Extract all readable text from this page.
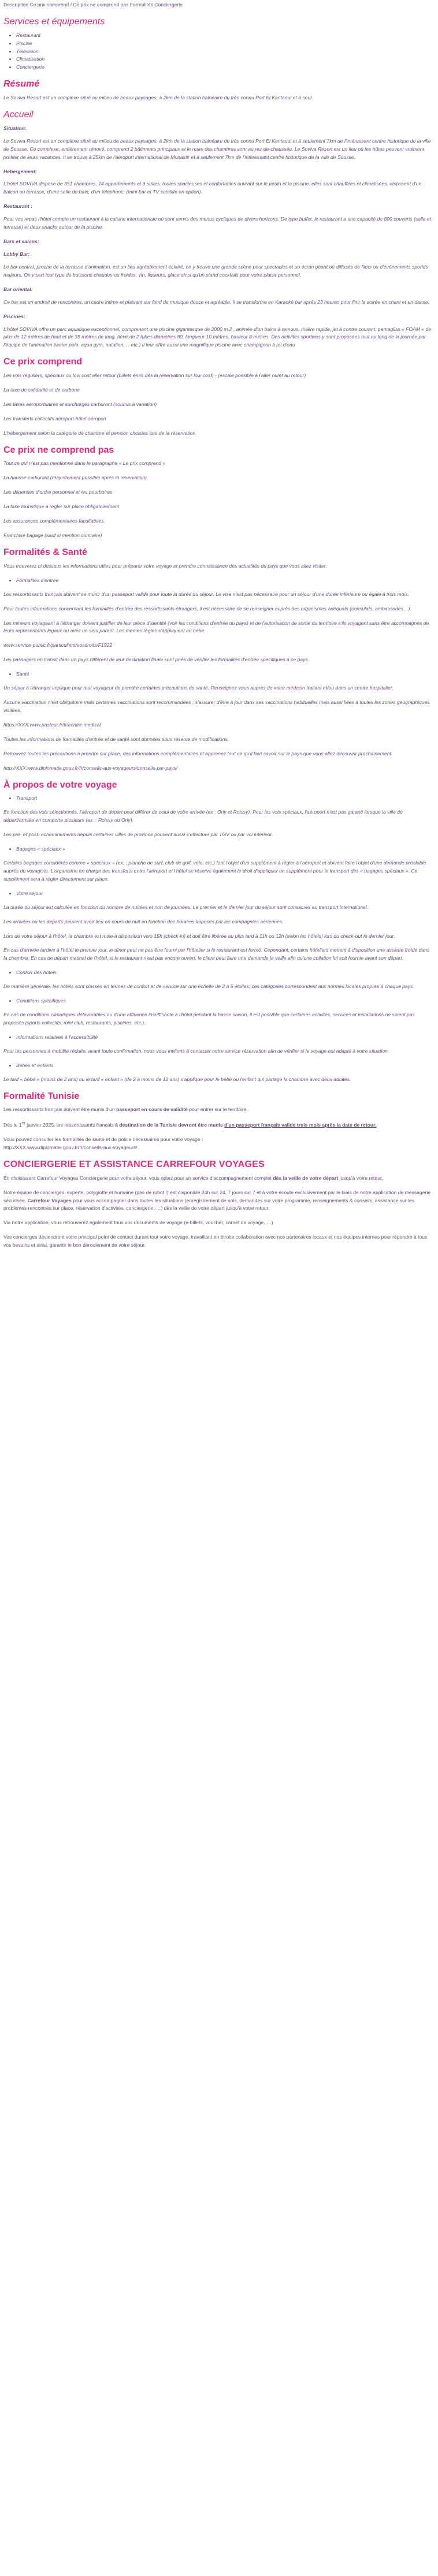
Description Ce prix comprend / Ce prix ne comprend pas Formalités Conciergerie
Services et équipements
• Restaurant
• Piscine
• Télévision
• Climatisation
• Conciergerie
Résumé

Le Soviva Resort est un complexe situé au milieu de beaux paysages, à 2km de la station balnéaire du très connu Port El Kantaoui et à seul

Accueil

Situation:

Le Soviva Resort est un complexe situé au milieu de beaux paysages, à 2km de la station balnéaire du très connu Port El Kantaoui et à seulement 7km de l'intéressant centre historique de la ville de Sousse. Ce complexe, entièrement rénové, comprend 2 bâtiments principaux et le reste des chambres sont au rez-de-chaussée. Le Soviva Resort est un lieu où les hôtes peuvent vraiment profiter de leurs vacances. Il se trouve à 25km de l'aéroport international de Monastir et à seulement 7km de l'intéressant centre historique de la ville de Sousse.

Hébergement:

L'hôtel SOVIVA dispose de 351 chambres, 14 appartements et 3 suites, toutes spacieuses et confortables ouvrant sur le jardin et la piscine, elles sont chauffées et climatisées, disposent d'un balcon ou terrasse, d'une salle de bain, d'un téléphone, (mini-bar et TV satellite en option).

Restaurant :

Pour vos repas l'hôtel compte un restaurant à la cuisine internationale où sont servis des menus cycliques de divers horizons. De type buffet, le restaurant a une capacité de 800 couverts (salle et terrasse) et deux snacks autour de la piscine.

Bars et salons:

Lobby Bar:

Le bar central, proche de la terrasse d'animation, est un lieu agréablement éclairé, on y trouve une grande scène pour spectacles et un écran géant où diffusés de films ou d'évènements sportifs majeurs. On y sert tout type de boissons chaudes ou froides, vin, liqueurs, glace ainsi qu'un stand cocktails pour votre plaisir personnel.

Bar oriental:

Ce bar est un endroit de rencontres, un cadre intime et plaisant sur fond de musique douce et agréable. Il se transforme en Karaoké bar après 23 heures pour finir la soirée en chant et en danse.

Piscines:

L'hôtel SOVIVA offre un parc aquatique exceptionnel, comprenant une piscine gigantesque de 2000 m 2 , animée d'un bains à remous, rivière rapide, jet à contre courant, pentagliss « FOAM » de plus de 12 mètres de haut et de 35 mètres de long, bévé de 2 tubes diamètres 80, longueur 10 mètres, hauteur 8 mètres. Des activités sportives y sont proposées tout au long de la journée par l'équipe de l'animation (water polo, aqua gym, natation,… etc.) Il leur offre aussi une magnifique piscine avec champignon à jet d'eau

Ce prix comprend

Les vols réguliers, spéciaux ou low cost aller retour (billets émis dès la réservation sur low-cost) - (escale possible à l'aller ou/et au retour)

La taxe de solidarité et de carbone

Les taxes aéroportuaires et surcharges carburant (soumis à variation)

Les transferts collectifs aéroport-hôtel-aéroport

L'hébergement selon la catégorie de chambre et pension choisies lors de la réservation

Ce prix ne comprend pas

Tout ce qui n'est pas mentionné dans le paragraphe « Le prix comprend »

La hausse carburant (réajustement possible après la réservation)

Les dépenses d'ordre personnel et les pourboires

La taxe touristique à régler sur place obligatoirement

Les assurances complémentaires facultatives.

Franchise bagage (sauf si mention contraire)

Formalités & Santé

Vous trouverez ci dessous les informations utiles pour préparer votre voyage et prendre connaissance des actualités du pays que vous allez visiter.

• Formalités d'entrée

Les ressortissants français doivent se munir d'un passeport valide pour toute la durée du séjour. Le visa n'est pas nécessaire pour un séjour d'une durée inférieure ou égale à trois mois.

Pour toutes informations concernant les formalités d'entrée des ressortissants étrangers, il est nécessaire de se renseigner auprès des organismes adéquats (consulats, ambassades…).

Les mineurs voyageant à l'étranger doivent justifier de leur pièce d'identité (voir les conditions d'entrée du pays) et de l'autorisation de sortie du territoire s'ils voyagent sans être accompagnés de leurs représentants légaux ou avec un seul parent. Les mêmes règles s'appliquent au bébé.

www.service-public.fr/particuliers/vosdroits/F1922

Les passagers en transit dans un pays différent de leur destination finale sont priés de vérifier les formalités d'entrée spécifiques à ce pays.

• Santé

Un séjour à l'étranger implique pour tout voyageur de prendre certaines précautions de santé. Renseignez-vous auprès de votre médecin traitant et/ou dans un centre hospitalier.

Aucune vaccination n'est obligatoire mais certaines vaccinations sont recommandées ; s'assurer d'être à jour dans ses vaccinations habituelles mais aussi liées à toutes les zones géographiques visitées.

https://XXX.www.pasteur.fr/fr/centre-medical

Toutes les informations de formalités d'entrée et de santé sont données sous réserve de modifications.

Retrouvez toutes les précautions à prendre sur place, des informations complémentaires et apprenez tout ce qu'il faut savoir sur le pays que vous allez découvrir prochainement.

http://XXX.www.diplomatie.gouv.fr/fr/conseils-aux-voyageurs/conseils-par-pays/

À propos de votre voyage
• Transport

En fonction des vols sélectionnés, l'aéroport de départ peut différer de celui de votre arrivée (ex : Orly et Roissy). Pour les vols spéciaux, l'aéroport n'est pas garanti lorsque la ville de départ/arrivée en comporte plusieurs (ex. : Roissy ou Orly).

Les pré- et post- acheminements depuis certaines villes de province pouvent aussi s'effectuer par TGV ou par voi intérieur.

• Bagages « spéciaux »

Certains bagages considérés comme « spéciaux » (ex. : planche de surf, club de golf, vélo, etc.) font l'objet d'un supplément à régler à l'aéroport et doivent faire l'objet d'une demande préalable auprès du voyagiste. L'organisme en charge des transferts entre l'aéroport et l'hôtel se réserve également le droit d'appliquer un supplément pour le transport des « bagages spéciaux ». Ce supplément sera à régler directement sur place.

• Votre séjour

La durée du séjour est calculée en fonction du nombre de nuitées et non de journées. Le premier et le dernier jour du séjour sont consacrés au transport international.

Les arrivées ou les départs peuvent avoir lieu en cours de nuit en fonction des horaires imposés par les compagnies aériennes.

Lors de votre séjour à l'hôtel, la chambre est mise à disposition vers 15h (check-in) et doit être libérée au plus tard à 11h ou 12h (selon les hôtels) lors du check-out le dernier jour.

En cas d'arrivée tardive à l'hôtel le premier jour, le dîner peut ne pas être fourni par l'hôtelier si le restaurant est fermé. Cependant, certains hôteliers mettent à disposition une assiette froide dans la chambre. En cas de départ matinal de l'hôtel, si le restaurant n'est pas encore ouvert, le client peut faire une demande la veille afin qu'une collation lui soit fournie avant son départ.

• Confort des hôtels

De manière générale, les hôtels sont classés en termes de confort et de service sur une échelle de 2 à 5 étoiles, ces catégories correspondent aux normes locales propres à chaque pays.

• Conditions spécifiques

En cas de conditions climatiques défavorables ou d'une affluence insuffisante à l'hôtel pendant la basse saison, il est possible que certaines activités, services et installations ne soient pas proposés (sports collectifs, mini club, restaurants, piscines, etc.).

• Informations relatives à l'accessibilité

Pour les personnes à mobilité réduite, avant toute confirmation, nous vous invitons à contacter notre service réservation afin de vérifier si le voyage est adapté à votre situation.

• Bébés et enfants

Le tarif « bébé » (moins de 2 ans) ou le tarif « enfant » (de 2 à moins de 12 ans) s'applique pour le bébé ou l'enfant qui partage la chambre avec deux adultes.

Formalité Tunisie

Les ressortissants français doivent être munis d'un passeport en cours de validité pour entrer sur le territoire.

Dès le 1er janvier 2025, les ressortissants français à destination de la Tunisie devront être munis d'un passeport français valide trois mois après la date de retour.

Vous pouvez consulter les formalités de santé et de police nécessaires pour votre voyage :
http://XXX.www.diplomatie.gouv.fr/fr/conseils-aux-voyageurs/

CONCIERGERIE ET ASSISTANCE CARREFOUR VOYAGES

En choisissant Carrefour Voyages Conciergerie pour votre séjour, vous optez pour un service d'accompagnement complet dès la veille de votre départ jusqu'à votre retour.

Notre équipe de concierges, experte, polyglotte et humaine (pas de robot !) est disponible 24h sur 24, 7 jours sur 7 et à votre écoute exclusivement par le biais de notre application de messagerie sécurisée, Carrefour Voyages pour vous accompagner dans toutes les situations (enregistrement de vols, demandes sur votre programme, renseignements & conseils, assistance sur les problèmes rencontrés sur place, réservation d'activités, conciergerie, …) dès la veille de votre départ jusqu'à votre retour.

Via notre application, vous retrouverez également tous vos documents de voyage (e-billets, voucher, carnet de voyage, …)

Vos concierges deviendront votre principal point de contact durant tout votre voyage, travaillant en étroite collaboration avec nos partenaires locaux et nos équipes internes pour répondre à tous vos besoins et ainsi, garantir le bon déroulement de votre séjour.
